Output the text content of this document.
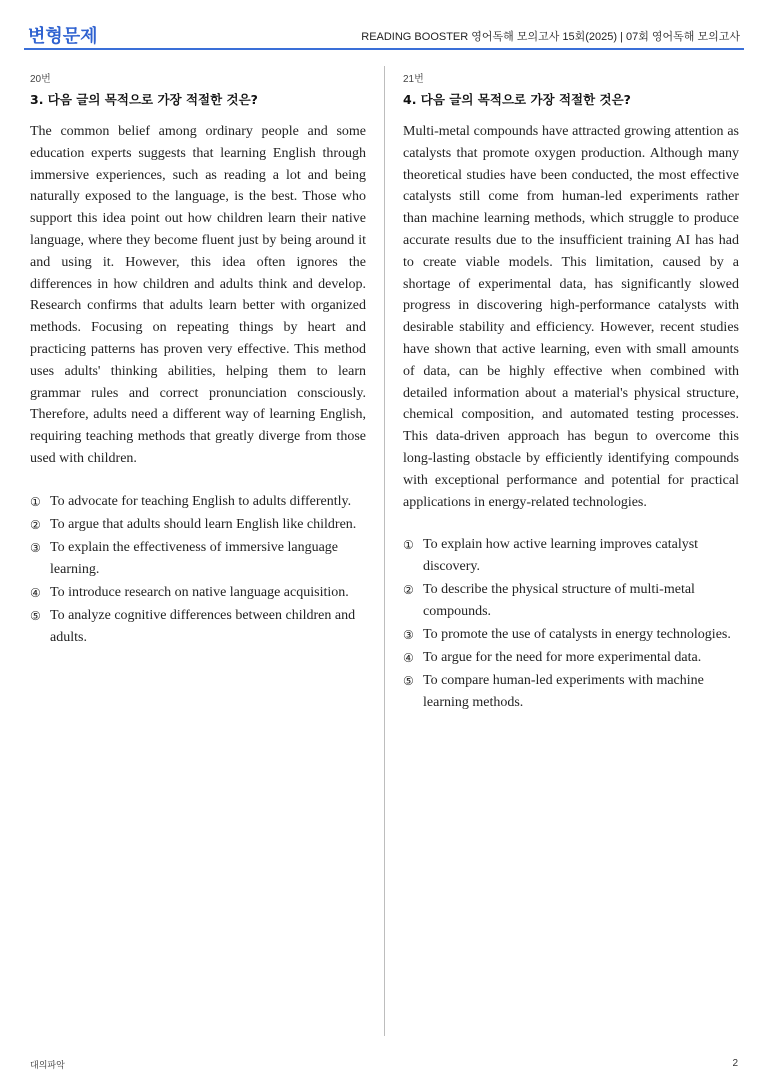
변형문제	READING BOOSTER 영어독해 모의고사 15회(2025) | 07회 영어독해 모의고사
20번
3. 다음 글의 목적으로 가장 적절한 것은?
The common belief among ordinary people and some education experts suggests that learning English through immersive experiences, such as reading a lot and being naturally exposed to the language, is the best. Those who support this idea point out how children learn their native language, where they become fluent just by being around it and using it. However, this idea often ignores the differences in how children and adults think and develop. Research confirms that adults learn better with organized methods. Focusing on repeating things by heart and practicing patterns has proven very effective. This method uses adults' thinking abilities, helping them to learn grammar rules and correct pronunciation consciously. Therefore, adults need a different way of learning English, requiring teaching methods that greatly diverge from those used with children.
① To advocate for teaching English to adults differently.
② To argue that adults should learn English like children.
③ To explain the effectiveness of immersive language learning.
④ To introduce research on native language acquisition.
⑤ To analyze cognitive differences between children and adults.
21번
4. 다음 글의 목적으로 가장 적절한 것은?
Multi-metal compounds have attracted growing attention as catalysts that promote oxygen production. Although many theoretical studies have been conducted, the most effective catalysts still come from human-led experiments rather than machine learning methods, which struggle to produce accurate results due to the insufficient training AI has had to create viable models. This limitation, caused by a shortage of experimental data, has significantly slowed progress in discovering high-performance catalysts with desirable stability and efficiency. However, recent studies have shown that active learning, even with small amounts of data, can be highly effective when combined with detailed information about a material's physical structure, chemical composition, and automated testing processes. This data-driven approach has begun to overcome this long-lasting obstacle by efficiently identifying compounds with exceptional performance and potential for practical applications in energy-related technologies.
① To explain how active learning improves catalyst discovery.
② To describe the physical structure of multi-metal compounds.
③ To promote the use of catalysts in energy technologies.
④ To argue for the need for more experimental data.
⑤ To compare human-led experiments with machine learning methods.
대의파악	2
